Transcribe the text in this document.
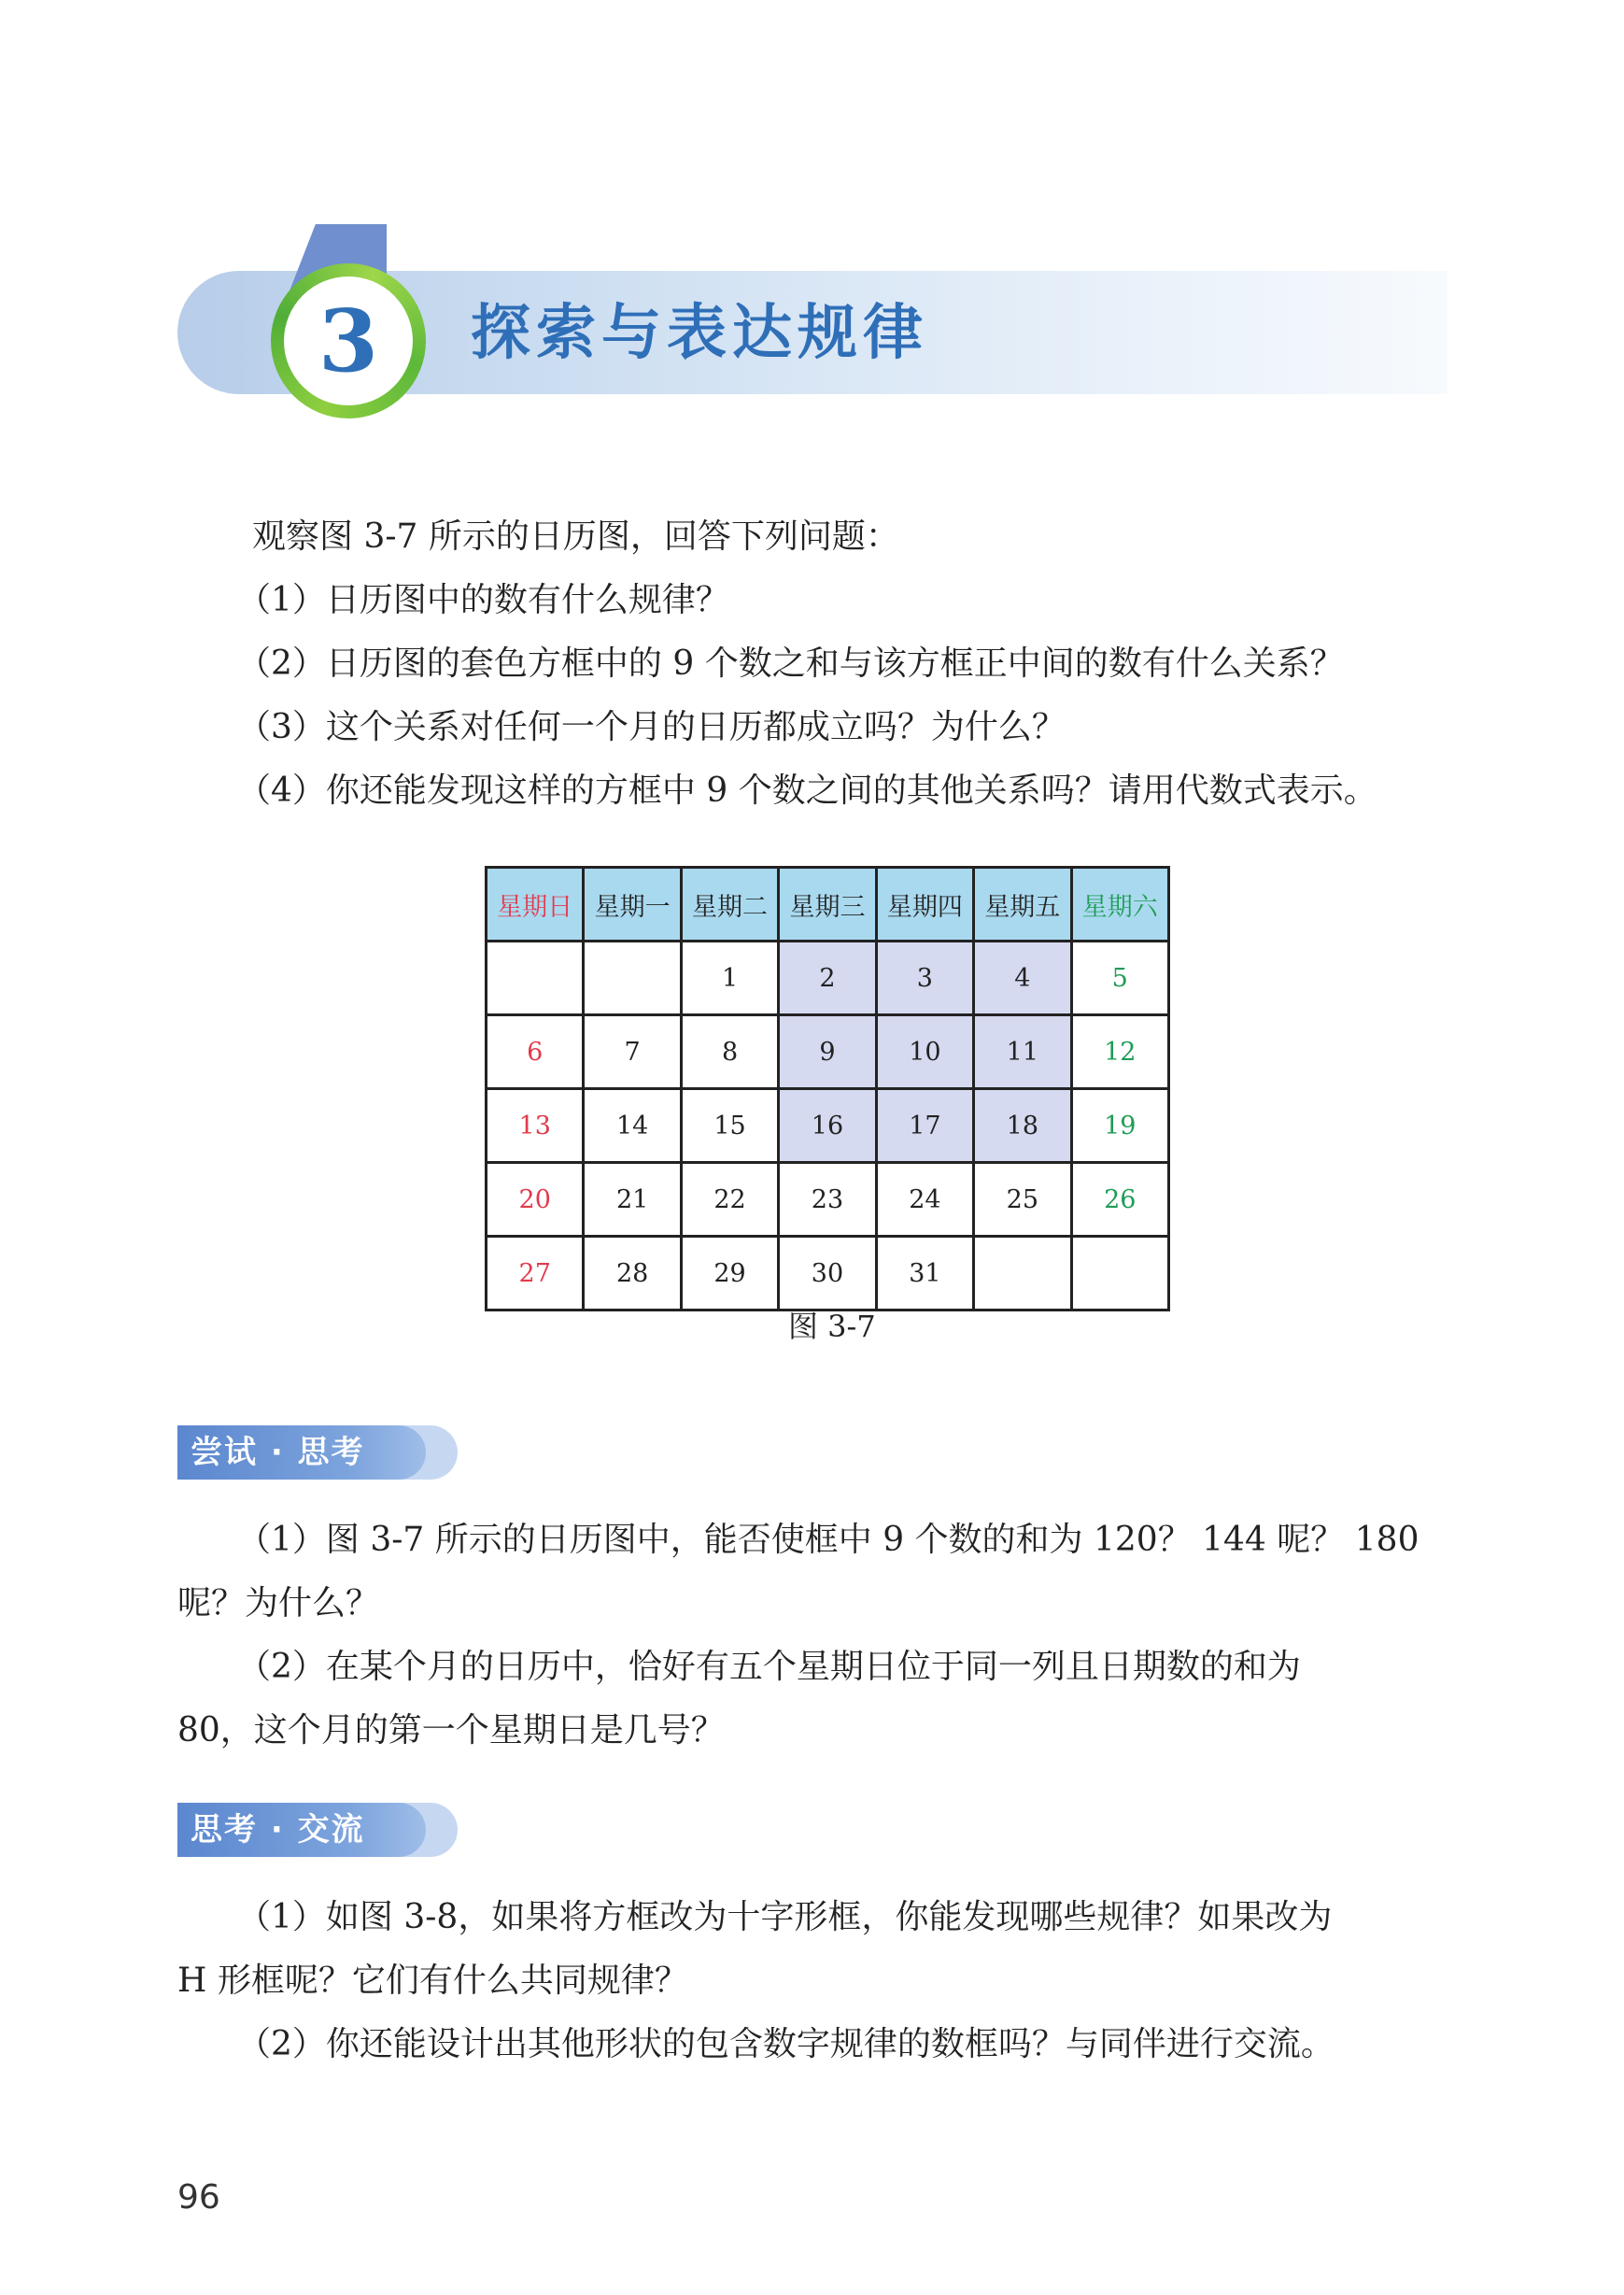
3 探索与表达规律
观察图 3-7 所示的日历图，回答下列问题：
（1）日历图中的数有什么规律？
（2）日历图的套色方框中的 9 个数之和与该方框正中间的数有什么关系？
（3）这个关系对任何一个月的日历都成立吗？为什么？
（4）你还能发现这样的方框中 9 个数之间的其他关系吗？请用代数式表示。
星期日	星期一	星期二	星期三	星期四	星期五	星期六
		1	2	3	4	5
6	7	8	9	10	11	12
13	14	15	16	17	18	19
20	21	22	23	24	25	26
27	28	29	30	31		
图 3-7
尝试 · 思考
（1）图 3-7 所示的日历图中，能否使框中 9 个数的和为 120？ 144 呢？ 180
呢？为什么？
（2）在某个月的日历中，恰好有五个星期日位于同一列且日期数的和为
80，这个月的第一个星期日是几号？
思考 · 交流
（1）如图 3-8，如果将方框改为十字形框，你能发现哪些规律？如果改为
H 形框呢？它们有什么共同规律？
（2）你还能设计出其他形状的包含数字规律的数框吗？与同伴进行交流。
96
